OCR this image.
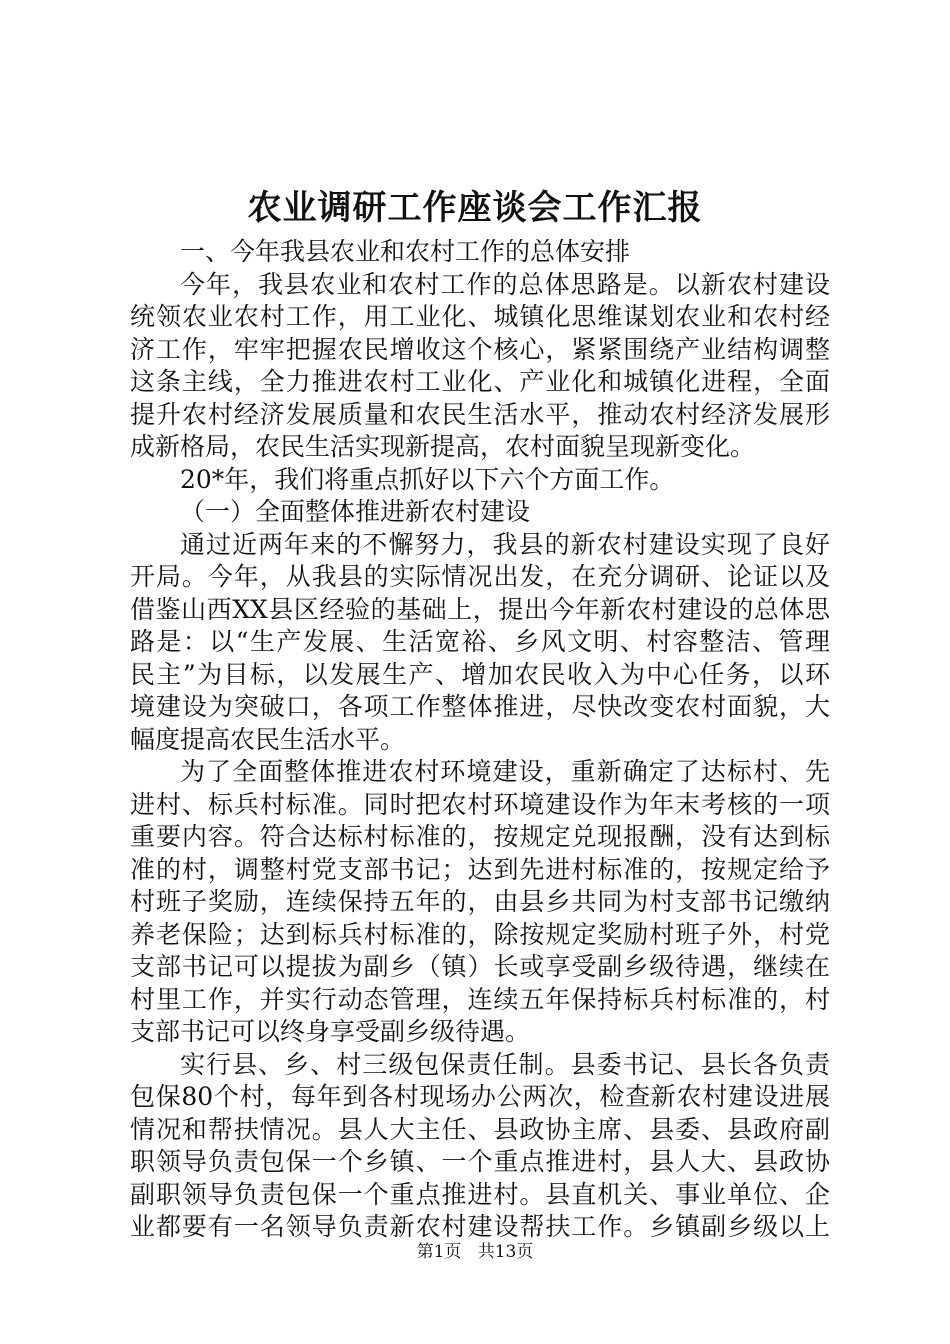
农业调研工作座谈会工作汇报
一、今年我县农业和农村工作的总体安排
今年，我县农业和农村工作的总体思路是。以新农村建设
统领农业农村工作，用工业化、城镇化思维谋划农业和农村经
济工作，牢牢把握农民增收这个核心，紧紧围绕产业结构调整
这条主线，全力推进农村工业化、产业化和城镇化进程，全面
提升农村经济发展质量和农民生活水平，推动农村经济发展形
成新格局，农民生活实现新提高，农村面貌呈现新变化。
20*年，我们将重点抓好以下六个方面工作。
（一）全面整体推进新农村建设
通过近两年来的不懈努力，我县的新农村建设实现了良好
开局。今年，从我县的实际情况出发，在充分调研、论证以及
借鉴山西XX县区经验的基础上，提出今年新农村建设的总体思
路是：以“生产发展、生活宽裕、乡风文明、村容整洁、管理
民主”为目标，以发展生产、增加农民收入为中心任务，以环
境建设为突破口，各项工作整体推进，尽快改变农村面貌，大
幅度提高农民生活水平。
为了全面整体推进农村环境建设，重新确定了达标村、先
进村、标兵村标准。同时把农村环境建设作为年末考核的一项
重要内容。符合达标村标准的，按规定兑现报酬，没有达到标
准的村，调整村党支部书记；达到先进村标准的，按规定给予
村班子奖励，连续保持五年的，由县乡共同为村支部书记缴纳
养老保险；达到标兵村标准的，除按规定奖励村班子外，村党
支部书记可以提拔为副乡（镇）长或享受副乡级待遇，继续在
村里工作，并实行动态管理，连续五年保持标兵村标准的，村
支部书记可以终身享受副乡级待遇。
实行县、乡、村三级包保责任制。县委书记、县长各负责
包保80个村，每年到各村现场办公两次，检查新农村建设进展
情况和帮扶情况。县人大主任、县政协主席、县委、县政府副
职领导负责包保一个乡镇、一个重点推进村，县人大、县政协
副职领导负责包保一个重点推进村。县直机关、事业单位、企
业都要有一名领导负责新农村建设帮扶工作。乡镇副乡级以上
第1页 共13页
